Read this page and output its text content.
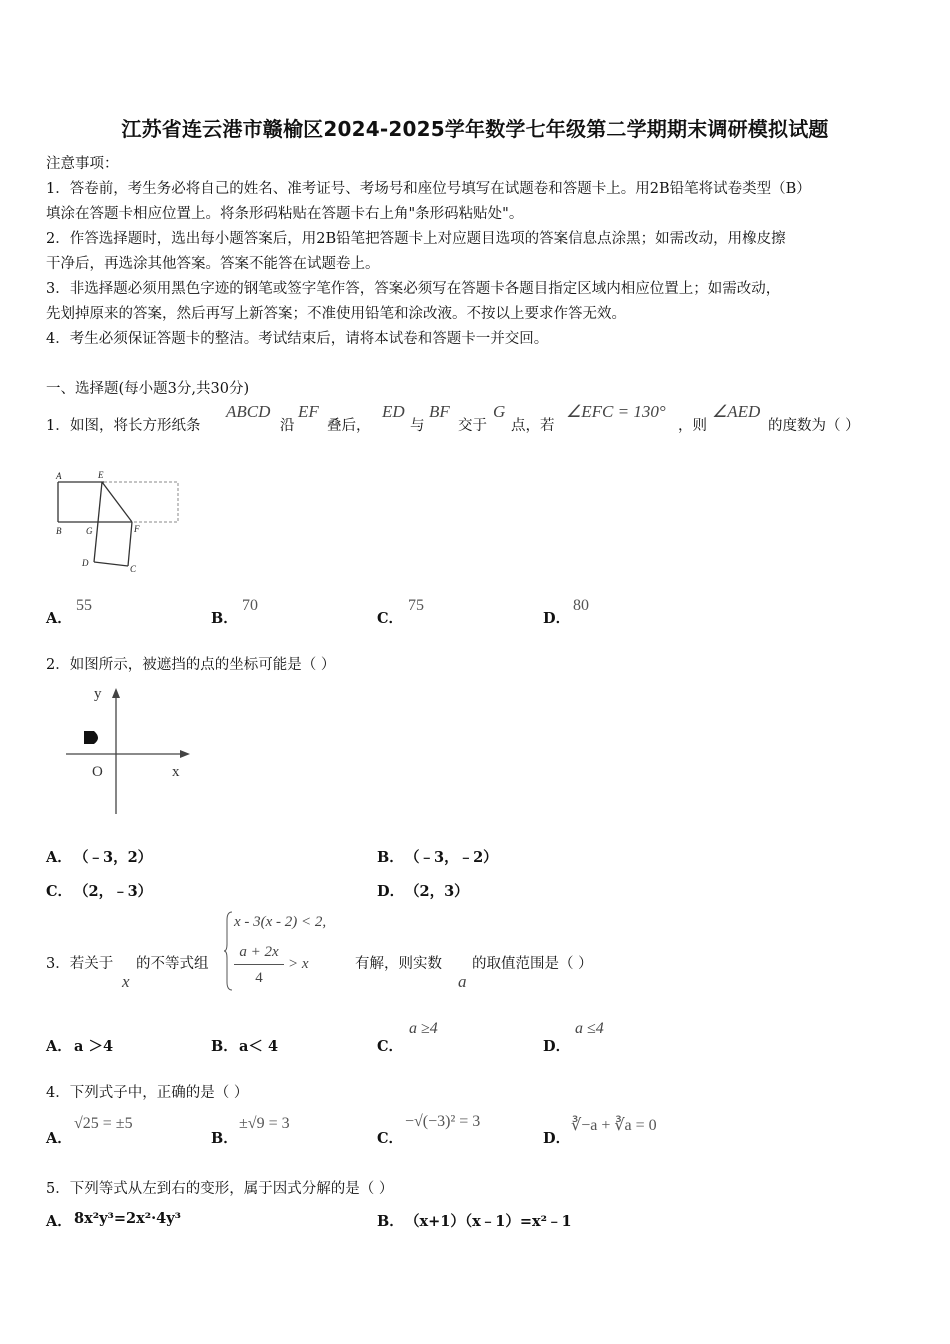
江苏省连云港市赣榆区2024-2025学年数学七年级第二学期期末调研模拟试题
注意事项：
1．答卷前，考生务必将自己的姓名、准考证号、考场号和座位号填写在试题卷和答题卡上。用2B铅笔将试卷类型（B）
填涂在答题卡相应位置上。将条形码粘贴在答题卡右上角"条形码粘贴处"。
2．作答选择题时，选出每小题答案后，用2B铅笔把答题卡上对应题目选项的答案信息点涂黑；如需改动，用橡皮擦
干净后，再选涂其他答案。答案不能答在试题卷上。
3．非选择题必须用黑色字迹的钢笔或签字笔作答，答案必须写在答题卡各题目指定区域内相应位置上；如需改动，
先划掉原来的答案，然后再写上新答案；不准使用铅笔和涂改液。不按以上要求作答无效。
4．考生必须保证答题卡的整洁。考试结束后，请将本试卷和答题卡一并交回。
一、选择题(每小题3分,共30分)
1． 如图，将长方形纸条
ABCD
沿
EF
叠后，
ED
与
BF
交于
G
点，若
∠EFC = 130°
，则
∠AED
的度数为（ ）
A	E
B	G	F
D
C
A．
55
B．
70
C．
75
D．
80
2．如图所示，被遮挡的点的坐标可能是（ ）
y
x
O
A． （﹣3，2）	B． （﹣3，﹣2）
C． （2，﹣3）	D． （2，3）
3．若关于
x
的不等式组
x - 3(x - 2) < 2,
a + 2x
4
> x	有解，则实数
a
的取值范围是（ ）
A． a ＞4	B． a＜ 4	C．
a ≥4
D．
a ≤4
4．下列式子中，正确的是（ ）
A．
√25 = ±5
B．
±√9 = 3
C．
−√(−3)² = 3
D．
∛−a + ∛a = 0
5．下列等式从左到右的变形，属于因式分解的是（ ）
A． 8x²y³=2x²·4y³	B． （x+1）（x﹣1）=x²﹣1
